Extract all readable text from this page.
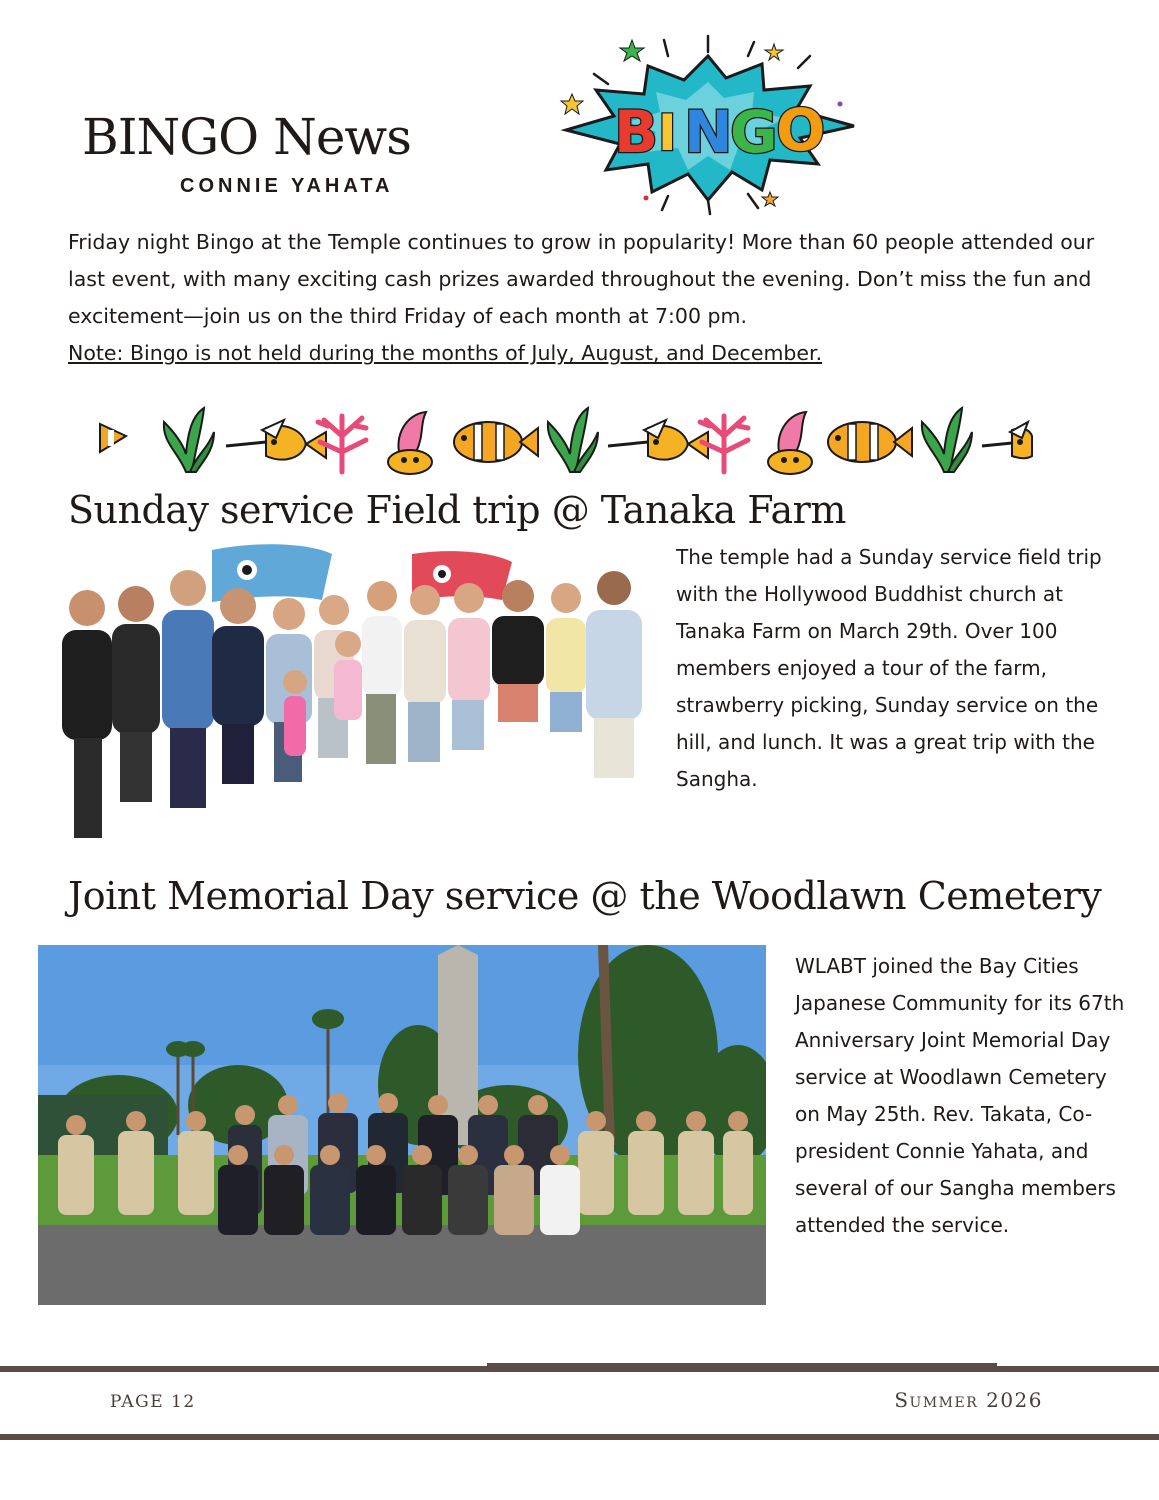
BINGO News
CONNIE YAHATA
B I N
G
O
Friday night Bingo at the Temple continues to grow in popularity! More than 60 people attended our last event, with many exciting cash prizes awarded throughout the evening. Don’t miss the fun and excitement—join us on the third Friday of each month at 7:00 pm.
Note: Bingo is not held during the months of July, August, and December.
Sunday service Field trip @ Tanaka Farm
The temple had a Sunday service field trip with the Hollywood Buddhist church at Tanaka Farm on March 29th. Over 100 members enjoyed a tour of the farm, strawberry picking, Sunday service on the hill, and lunch. It was a great trip with the Sangha.
Joint Memorial Day service @ the Woodlawn Cemetery
WLABT joined the Bay Cities Japanese Community for its 67th Anniversary Joint Memorial Day service at Woodlawn Cemetery on May 25th. Rev. Takata, Co-president Connie Yahata, and several of our Sangha members attended the service.
PAGE 12	Summer 2026
